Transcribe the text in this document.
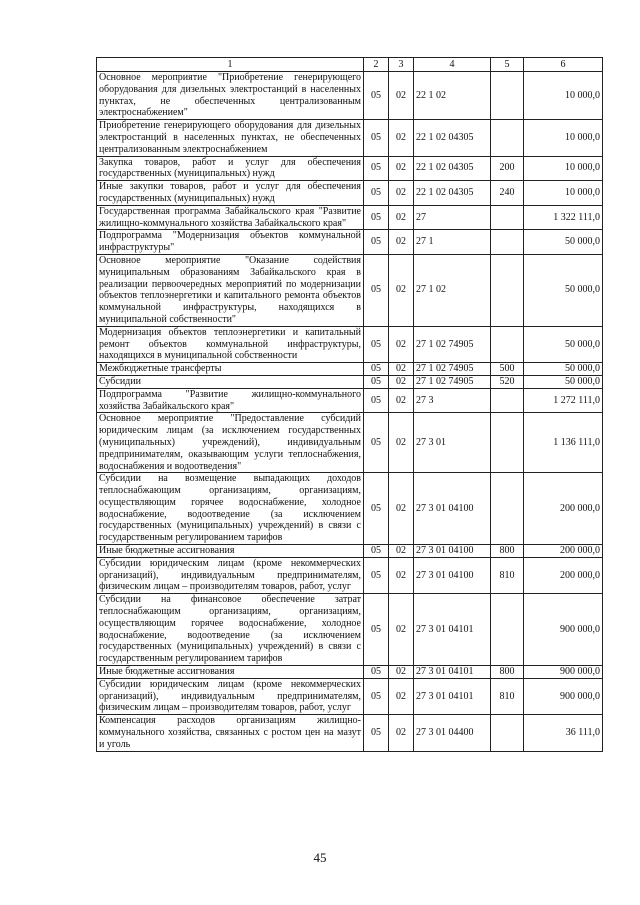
1	2	3	4	5	6
Основное мероприятие "Приобретение генерирующего оборудования для дизельных электростанций в населенных пунктах, не обеспеченных централизованным электроснабжением"	05	02	22 1 02		10 000,0
Приобретение генерирующего оборудования для дизельных электростанций в населенных пунктах, не обеспеченных централизованным электроснабжением	05	02	22 1 02 04305		10 000,0
Закупка товаров, работ и услуг для обеспечения государственных (муниципальных) нужд	05	02	22 1 02 04305	200	10 000,0
Иные закупки товаров, работ и услуг для обеспечения государственных (муниципальных) нужд	05	02	22 1 02 04305	240	10 000,0
Государственная программа Забайкальского края "Развитие жилищно-коммунального хозяйства Забайкальского края"	05	02	27		1 322 111,0
Подпрограмма "Модернизация объектов коммунальной инфраструктуры"	05	02	27 1		50 000,0
Основное мероприятие "Оказание содействия муниципальным образованиям Забайкальского края в реализации первоочередных мероприятий по модернизации объектов теплоэнергетики и капитального ремонта объектов коммунальной инфраструктуры, находящихся в муниципальной собственности"	05	02	27 1 02		50 000,0
Модернизация объектов теплоэнергетики и капитальный ремонт объектов коммунальной инфраструктуры, находящихся в муниципальной собственности	05	02	27 1 02 74905		50 000,0
Межбюджетные трансферты	05	02	27 1 02 74905	500	50 000,0
Субсидии	05	02	27 1 02 74905	520	50 000,0
Подпрограмма "Развитие жилищно-коммунального хозяйства Забайкальского края"	05	02	27 3		1 272 111,0
Основное мероприятие "Предоставление субсидий юридическим лицам (за исключением государственных (муниципальных) учреждений), индивидуальным предпринимателям, оказывающим услуги теплоснабжения, водоснабжения и водоотведения"	05	02	27 3 01		1 136 111,0
Субсидии на возмещение выпадающих доходов теплоснабжающим организациям, организациям, осуществляющим горячее водоснабжение, холодное водоснабжение, водоотведение (за исключением государственных (муниципальных) учреждений) в связи с государственным регулированием тарифов	05	02	27 3 01 04100		200 000,0
Иные бюджетные ассигнования	05	02	27 3 01 04100	800	200 000,0
Субсидии юридическим лицам (кроме некоммерческих организаций), индивидуальным предпринимателям, физическим лицам – производителям товаров, работ, услуг	05	02	27 3 01 04100	810	200 000,0
Субсидии на финансовое обеспечение затрат теплоснабжающим организациям, организациям, осуществляющим горячее водоснабжение, холодное водоснабжение, водоотведение (за исключением государственных (муниципальных) учреждений) в связи с государственным регулированием тарифов	05	02	27 3 01 04101		900 000,0
Иные бюджетные ассигнования	05	02	27 3 01 04101	800	900 000,0
Субсидии юридическим лицам (кроме некоммерческих организаций), индивидуальным предпринимателям, физическим лицам – производителям товаров, работ, услуг	05	02	27 3 01 04101	810	900 000,0
Компенсация расходов организациям жилищно-коммунального хозяйства, связанных с ростом цен на мазут и уголь	05	02	27 3 01 04400		36 111,0
45
